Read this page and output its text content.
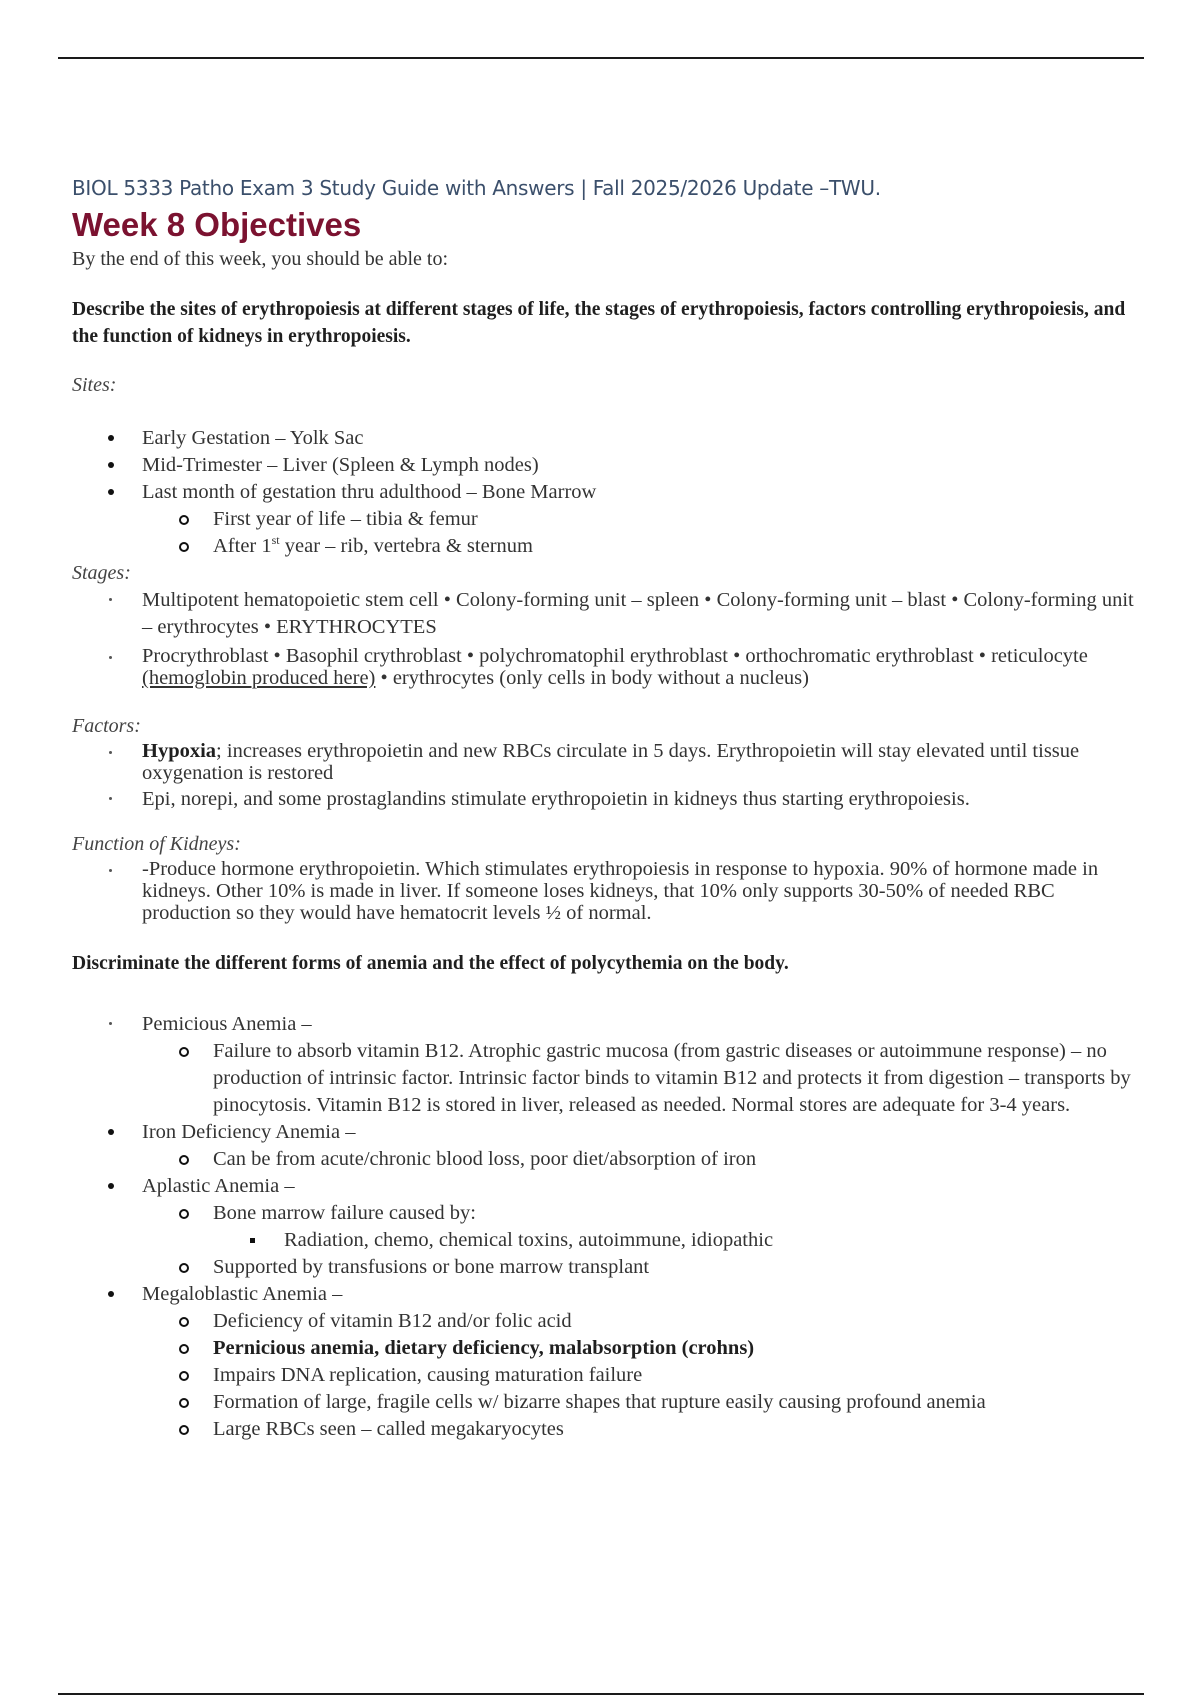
BIOL 5333 Patho Exam 3 Study Guide with Answers | Fall 2025/2026 Update –TWU.
Week 8 Objectives
By the end of this week, you should be able to:

Describe the sites of erythropoiesis at different stages of life, the stages of erythropoiesis, factors controlling erythropoiesis, and the function of kidneys in erythropoiesis.

Sites:
Early Gestation – Yolk Sac
Mid-Trimester – Liver (Spleen & Lymph nodes)
Last month of gestation thru adulthood – Bone Marrow
First year of life – tibia & femur
After 1st year – rib, vertebra & sternum
Stages:
Multipotent hematopoietic stem cell • Colony-forming unit – spleen • Colony-forming unit – blast • Colony-forming unit – erythrocytes • ERYTHROCYTES
Procrythroblast • Basophil crythroblast • polychromatophil erythroblast • orthochromatic erythroblast • reticulocyte (hemoglobin produced here) • erythrocytes (only cells in body without a nucleus)
Factors:
Hypoxia; increases erythropoietin and new RBCs circulate in 5 days. Erythropoietin will stay elevated until tissue oxygenation is restored
Epi, norepi, and some prostaglandins stimulate erythropoietin in kidneys thus starting erythropoiesis.
Function of Kidneys:
-Produce hormone erythropoietin. Which stimulates erythropoiesis in response to hypoxia. 90% of hormone made in kidneys. Other 10% is made in liver. If someone loses kidneys, that 10% only supports 30-50% of needed RBC production so they would have hematocrit levels ½ of normal.

Discriminate the different forms of anemia and the effect of polycythemia on the body.

Pemicious Anemia –
Failure to absorb vitamin B12. Atrophic gastric mucosa (from gastric diseases or autoimmune response) – no production of intrinsic factor. Intrinsic factor binds to vitamin B12 and protects it from digestion – transports by pinocytosis. Vitamin B12 is stored in liver, released as needed. Normal stores are adequate for 3-4 years.
Iron Deficiency Anemia –
Can be from acute/chronic blood loss, poor diet/absorption of iron
Aplastic Anemia –
Bone marrow failure caused by:
Radiation, chemo, chemical toxins, autoimmune, idiopathic
Supported by transfusions or bone marrow transplant
Megaloblastic Anemia –
Deficiency of vitamin B12 and/or folic acid
Pernicious anemia, dietary deficiency, malabsorption (crohns)
Impairs DNA replication, causing maturation failure
Formation of large, fragile cells w/ bizarre shapes that rupture easily causing profound anemia
Large RBCs seen – called megakaryocytes
